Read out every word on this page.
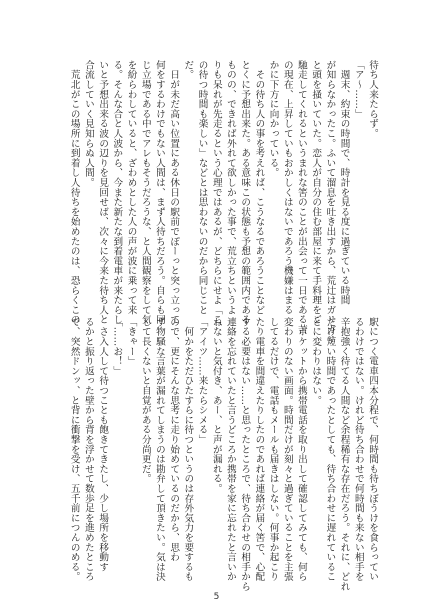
待ち人来たらず。
「ア〜……」
　週末、約束の時間で、時計を見る度に過ぎている時間
が知らなかったこ。ふいて溜息を吐き出すから、荒辻はガリガリ
と頭を掻いていた。恋人が自分の住む部屋に来て手料理をご
馳走してくれるというまれな筈のことが出会って一日である苦
の現在、上昇していもおかしくはないであろう機嫌はまる
かに下方に向かっている。
　その待ち人の事を考えれば、こうなるであろうことなど
とくに予想出来た。ある意味この状態も予想の範囲内である
ものの、できれば外れて欲しかった事で、荒立ちというよ
りも呆れが先走るという心理ではあるが、どちらにせよ「こ
の待つ時間も楽しい」などとは思わないのだから同じこと
だ。
　日が未だ高い位置にある休日の駅前でぽーっと突っ立って
何をするわけでもない人間は、まず人待ちだろう。自らも同
じ立場である中でアレもそうだろうな、と人間観察をして気
を紛らわしていると、ざわめとした人の声が波に乗って来
る。そんな合と人波から、今また新たな到着電車が来たらし
いと予想出来る波の辺りを見回せば、次々に今来た待ち人と
合流していく見知らぬ人間。
　荒北がこの場所に到着し人待ちを始めたのは、恐らくこの
駅につく電車四本分程で、何時間も待ちぼうけを食らってい
るわけではない。けれど待ち合わせで何時間も来ない相手を
辛抱強く待てる人間など余程稀有な存在だろう。それに、どれ
だけ短い時間であったとしても、待ち合わせに遅れているこ
とに変わりはない。
　ポケットから携帯電話を取り出して確認してみても、何ら
変わりのない画面。時間だけが刻々と過ぎていることを主張
してるだけで、電話もメールも届きはしない。何事か起こり
たり電車を間違えたりしたのであれば連絡が届く筈で、心配
する必要はない……と思ったところで、待ち合わせの相手から
連絡を忘れていたと言うどころか携帯を家に忘れたと言いか
ねないと気付き、あー、と声が漏れる。
「アイツ……来たらシメる」
　何かをただひたすらに待つというのは存外気力を要するも
ので、更にそんな思考に走り始めているのだから、思わ
ず物騒な言葉が漏れてしまうのは勘弁して頂きたい。気は決
して長くないと自覚がある分尚更だ。
「きゃー」
「……お！」
　さ入人して待つことも飽きてきたし、少し場所を移動す
るかと振り返った壁から背を浮かせて数歩足を進めたところ
で、突然ドンッ、と背に衝撃を受け、五千前につんのめる。
5
